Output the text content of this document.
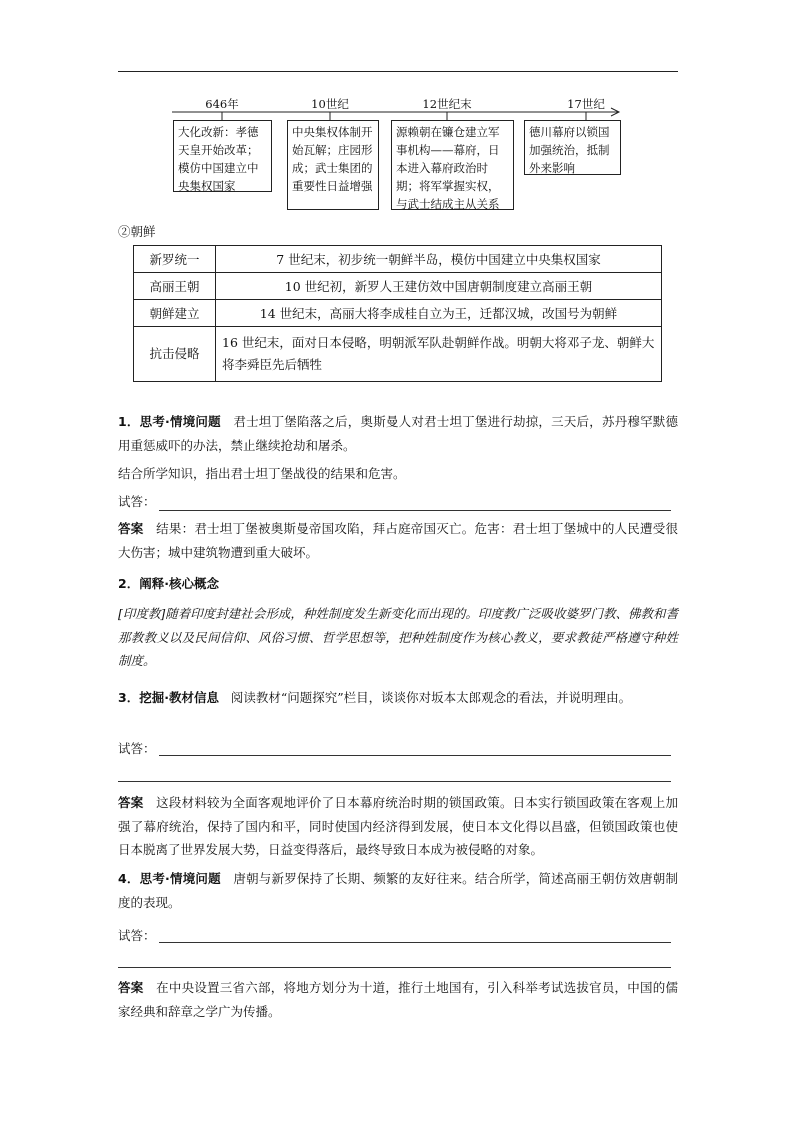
646年	10世纪	12世纪末	17世纪
大化改新：孝德天皇开始改革；模仿中国建立中央集权国家
中央集权体制开始瓦解；庄园形成；武士集团的重要性日益增强
源赖朝在镰仓建立军事机构——幕府，日本进入幕府政治时期；将军掌握实权，与武士结成主从关系
德川幕府以锁国加强统治，抵制外来影响
②朝鲜
新罗统一	7 世纪末，初步统一朝鲜半岛，模仿中国建立中央集权国家
高丽王朝	10 世纪初，新罗人王建仿效中国唐朝制度建立高丽王朝
朝鲜建立	14 世纪末，高丽大将李成桂自立为王，迁都汉城，改国号为朝鲜
抗击侵略	16 世纪末，面对日本侵略，明朝派军队赴朝鲜作战。明朝大将邓子龙、朝鲜大将李舜臣先后牺牲
1．思考·情境问题 君士坦丁堡陷落之后，奥斯曼人对君士坦丁堡进行劫掠，三天后，苏丹穆罕默德用重惩威吓的办法，禁止继续抢劫和屠杀。
结合所学知识，指出君士坦丁堡战役的结果和危害。
试答：
答案 结果：君士坦丁堡被奥斯曼帝国攻陷，拜占庭帝国灭亡。危害：君士坦丁堡城中的人民遭受很大伤害；城中建筑物遭到重大破坏。
2．阐释·核心概念
[印度教]随着印度封建社会形成，种姓制度发生新变化而出现的。印度教广泛吸收婆罗门教、佛教和耆那教教义以及民间信仰、风俗习惯、哲学思想等，把种姓制度作为核心教义，要求教徒严格遵守种姓制度。
3．挖掘·教材信息 阅读教材“问题探究”栏目，谈谈你对坂本太郎观念的看法，并说明理由。
试答：
答案 这段材料较为全面客观地评价了日本幕府统治时期的锁国政策。日本实行锁国政策在客观上加强了幕府统治，保持了国内和平，同时使国内经济得到发展，使日本文化得以昌盛，但锁国政策也使日本脱离了世界发展大势，日益变得落后，最终导致日本成为被侵略的对象。
4．思考·情境问题 唐朝与新罗保持了长期、频繁的友好往来。结合所学，简述高丽王朝仿效唐朝制度的表现。
试答：
答案 在中央设置三省六部，将地方划分为十道，推行土地国有，引入科举考试选拔官员，中国的儒家经典和辞章之学广为传播。
